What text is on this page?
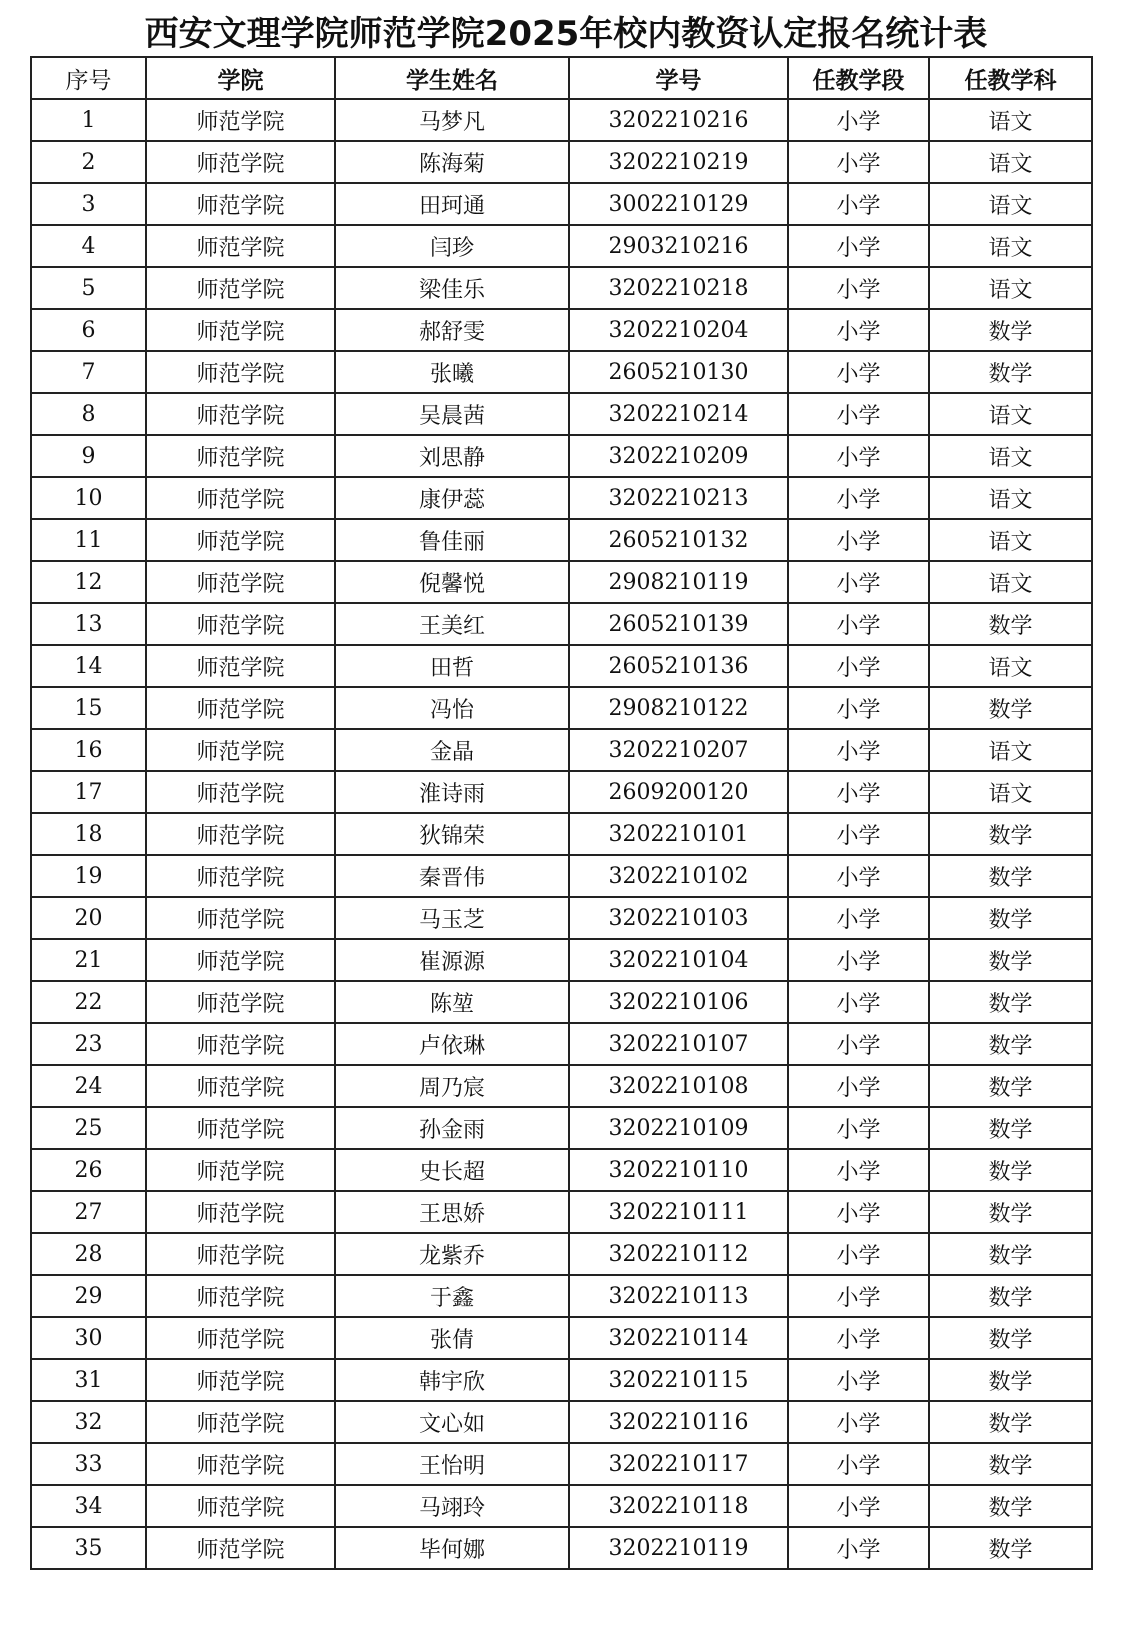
西安文理学院师范学院2025年校内教资认定报名统计表
序号	学院	学生姓名	学号	任教学段	任教学科
1	师范学院	马梦凡	3202210216	小学	语文
2	师范学院	陈海菊	3202210219	小学	语文
3	师范学院	田珂通	3002210129	小学	语文
4	师范学院	闫珍	2903210216	小学	语文
5	师范学院	梁佳乐	3202210218	小学	语文
6	师范学院	郝舒雯	3202210204	小学	数学
7	师范学院	张曦	2605210130	小学	数学
8	师范学院	吴晨茜	3202210214	小学	语文
9	师范学院	刘思静	3202210209	小学	语文
10	师范学院	康伊蕊	3202210213	小学	语文
11	师范学院	鲁佳丽	2605210132	小学	语文
12	师范学院	倪馨悦	2908210119	小学	语文
13	师范学院	王美红	2605210139	小学	数学
14	师范学院	田哲	2605210136	小学	语文
15	师范学院	冯怡	2908210122	小学	数学
16	师范学院	金晶	3202210207	小学	语文
17	师范学院	淮诗雨	2609200120	小学	语文
18	师范学院	狄锦荣	3202210101	小学	数学
19	师范学院	秦晋伟	3202210102	小学	数学
20	师范学院	马玉芝	3202210103	小学	数学
21	师范学院	崔源源	3202210104	小学	数学
22	师范学院	陈堃	3202210106	小学	数学
23	师范学院	卢依琳	3202210107	小学	数学
24	师范学院	周乃宸	3202210108	小学	数学
25	师范学院	孙金雨	3202210109	小学	数学
26	师范学院	史长超	3202210110	小学	数学
27	师范学院	王思娇	3202210111	小学	数学
28	师范学院	龙紫乔	3202210112	小学	数学
29	师范学院	于鑫	3202210113	小学	数学
30	师范学院	张倩	3202210114	小学	数学
31	师范学院	韩宇欣	3202210115	小学	数学
32	师范学院	文心如	3202210116	小学	数学
33	师范学院	王怡明	3202210117	小学	数学
34	师范学院	马翊玲	3202210118	小学	数学
35	师范学院	毕何娜	3202210119	小学	数学
